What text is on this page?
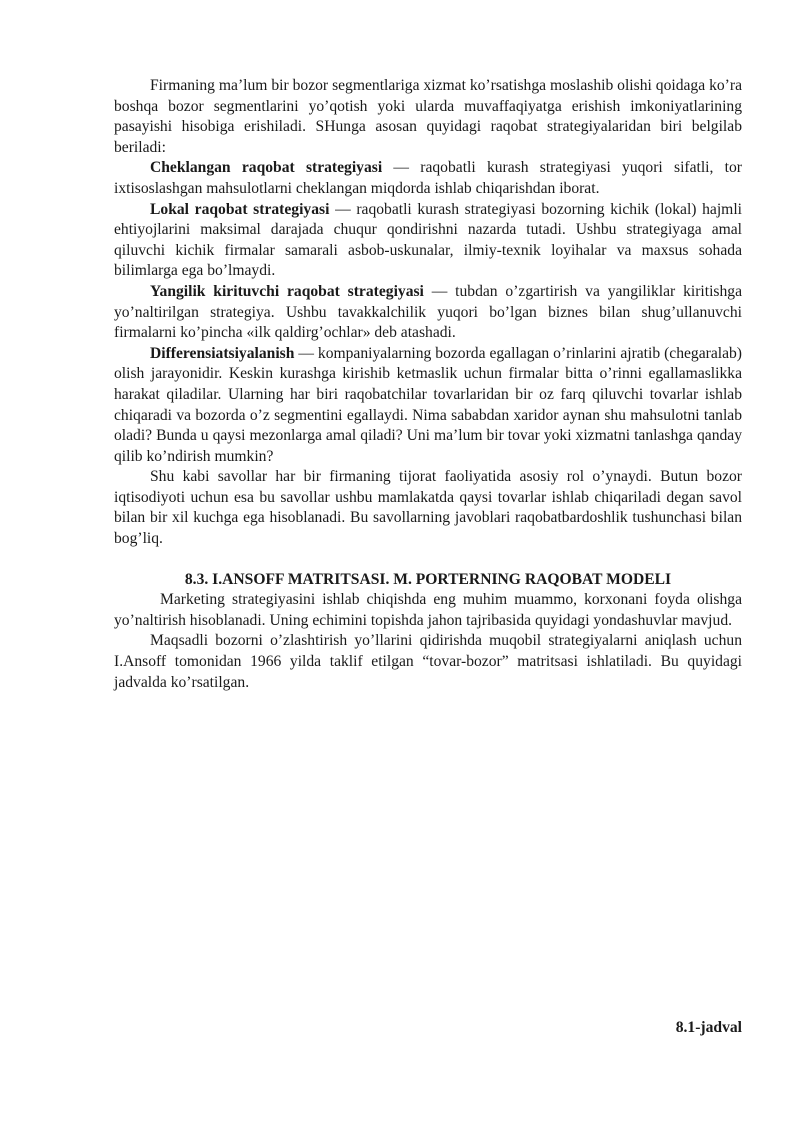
Firmaning ma’lum bir bozor segmentlariga xizmat ko’rsatishga moslashib olishi qoidaga ko’ra boshqa bozor segmentlarini yo’qotish yoki ularda muvaffaqiyatga erishish imkoniyatlarining pasayishi hisobiga erishiladi. SHunga asosan quyidagi raqobat strategiyalaridan biri belgilab beriladi:

Cheklangan raqobat strategiyasi — raqobatli kurash strategiyasi yuqori sifatli, tor ixtisoslashgan mahsulotlarni cheklangan miqdorda ishlab chiqarishdan iborat.

Lokal raqobat strategiyasi — raqobatli kurash strategiyasi bozorning kichik (lokal) hajmli ehtiyojlarini maksimal darajada chuqur qondirishni nazarda tutadi. Ushbu strategiyaga amal qiluvchi kichik firmalar samarali asbob-uskunalar, ilmiy-texnik loyihalar va maxsus sohada bilimlarga ega bo’lmaydi.

Yangilik kirituvchi raqobat strategiyasi — tubdan o’zgartirish va yangiliklar kiritishga yo’naltirilgan strategiya. Ushbu tavakkalchilik yuqori bo’lgan biznes bilan shug’ullanuvchi firmalarni ko’pincha «ilk qaldirg’ochlar» deb atashadi.

Differensiatsiyalanish — kompaniyalarning bozorda egallagan o’rinlarini ajratib (chegaralab) olish jarayonidir. Keskin kurashga kirishib ketmaslik uchun firmalar bitta o’rinni egallamaslikka harakat qiladilar. Ularning har biri raqobatchilar tovarlaridan bir oz farq qiluvchi tovarlar ishlab chiqaradi va bozorda o’z segmentini egallaydi. Nima sababdan xaridor aynan shu mahsulotni tanlab oladi? Bunda u qaysi mezonlarga amal qiladi? Uni ma’lum bir tovar yoki xizmatni tanlashga qanday qilib ko’ndirish mumkin?

Shu kabi savollar har bir firmaning tijorat faoliyatida asosiy rol o’ynaydi. Butun bozor iqtisodiyoti uchun esa bu savollar ushbu mamlakatda qaysi tovarlar ishlab chiqariladi degan savol bilan bir xil kuchga ega hisoblanadi. Bu savollarning javoblari raqobatbardoshlik tushunchasi bilan bog’liq.

8.3. I.ANSOFF MATRITSASI. M. PORTERNING RAQOBAT MODELI

Marketing strategiyasini ishlab chiqishda eng muhim muammo, korxonani foyda olishga yo’naltirish hisoblanadi. Uning echimini topishda jahon tajribasida quyidagi yondashuvlar mavjud.

Maqsadli bozorni o’zlashtirish yo’llarini qidirishda muqobil strategiyalarni aniqlash uchun I.Ansoff tomonidan 1966 yilda taklif etilgan “tovar-bozor” matritsasi ishlatiladi. Bu quyidagi jadvalda ko’rsatilgan.

8.1-jadval
